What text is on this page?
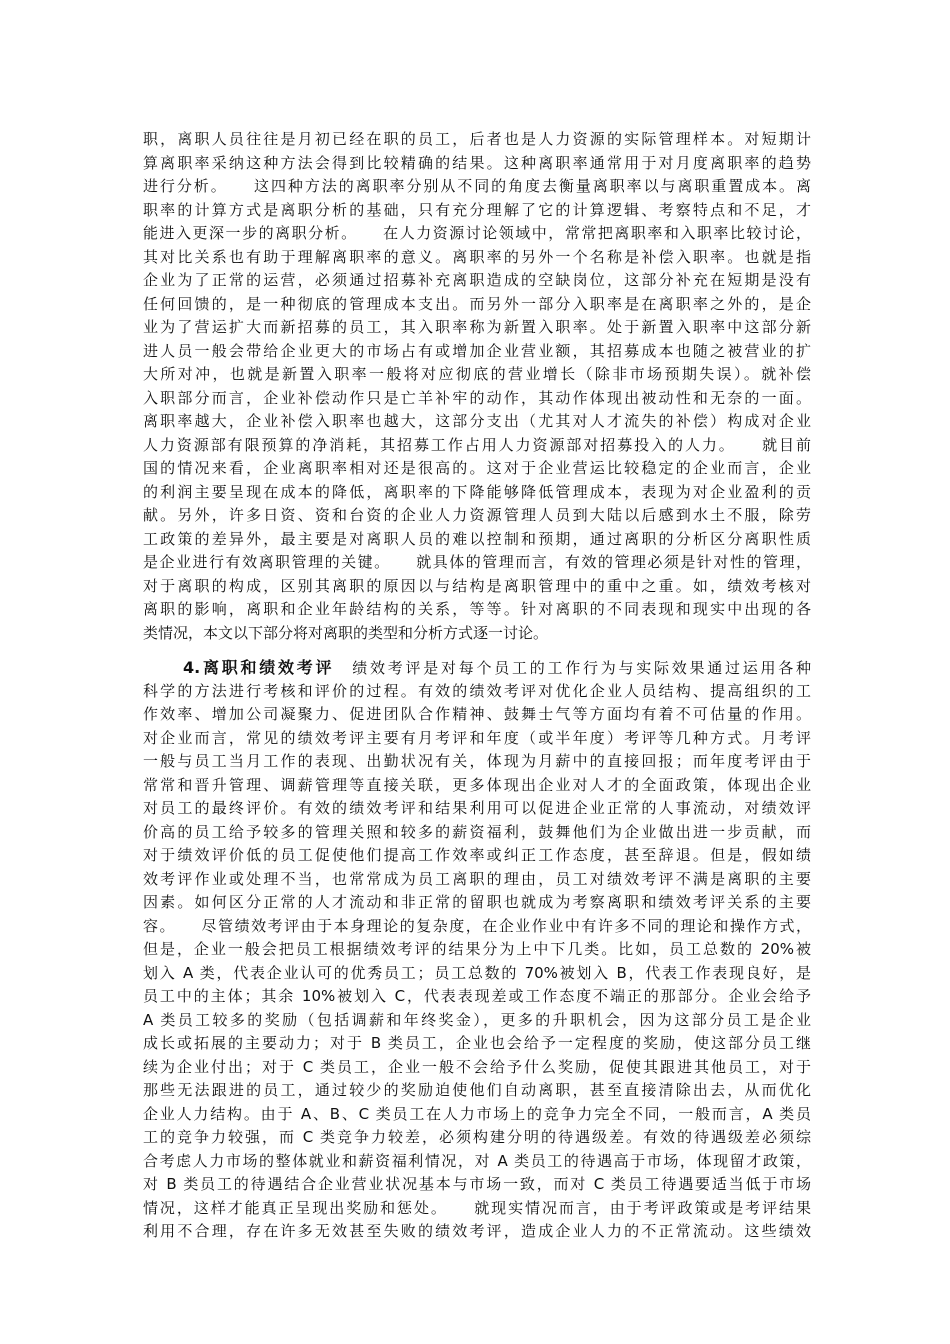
职，离职人员往往是月初已经在职的员工，后者也是人力资源的实际管理样本。对短期计
算离职率采纳这种方法会得到比较精确的结果。这种离职率通常用于对月度离职率的趋势
进行分析。　　这四种方法的离职率分别从不同的角度去衡量离职率以与离职重置成本。离
职率的计算方式是离职分析的基础，只有充分理解了它的计算逻辑、考察特点和不足，才
能进入更深一步的离职分析。　　在人力资源讨论领域中，常常把离职率和入职率比较讨论，
其对比关系也有助于理解离职率的意义。离职率的另外一个名称是补偿入职率。也就是指
企业为了正常的运营，必须通过招募补充离职造成的空缺岗位，这部分补充在短期是没有
任何回馈的，是一种彻底的管理成本支出。而另外一部分入职率是在离职率之外的，是企
业为了营运扩大而新招募的员工，其入职率称为新置入职率。处于新置入职率中这部分新
进人员一般会带给企业更大的市场占有或增加企业营业额，其招募成本也随之被营业的扩
大所对冲，也就是新置入职率一般将对应彻底的营业增长（除非市场预期失误）。就补偿
入职部分而言，企业补偿动作只是亡羊补牢的动作，其动作体现出被动性和无奈的一面。
离职率越大，企业补偿入职率也越大，这部分支出（尤其对人才流失的补偿）构成对企业
人力资源部有限预算的净消耗，其招募工作占用人力资源部对招募投入的人力。　　就目前
国的情况来看，企业离职率相对还是很高的。这对于企业营运比较稳定的企业而言，企业
的利润主要呈现在成本的降低，离职率的下降能够降低管理成本，表现为对企业盈利的贡
献。另外，许多日资、资和台资的企业人力资源管理人员到大陆以后感到水土不服，除劳
工政策的差异外，最主要是对离职人员的难以控制和预期，通过离职的分析区分离职性质
是企业进行有效离职管理的关键。　　就具体的管理而言，有效的管理必须是针对性的管理，
对于离职的构成，区别其离职的原因以与结构是离职管理中的重中之重。如，绩效考核对
离职的影响，离职和企业年龄结构的关系，等等。针对离职的不同表现和现实中出现的各
类情况，本文以下部分将对离职的类型和分析方式逐一讨论。
4.离职和绩效考评 绩效考评是对每个员工的工作行为与实际效果通过运用各种
科学的方法进行考核和评价的过程。有效的绩效考评对优化企业人员结构、提高组织的工
作效率、增加公司凝聚力、促进团队合作精神、鼓舞士气等方面均有着不可估量的作用。
对企业而言，常见的绩效考评主要有月考评和年度（或半年度）考评等几种方式。月考评
一般与员工当月工作的表现、出勤状况有关，体现为月薪中的直接回报；而年度考评由于
常常和晋升管理、调薪管理等直接关联，更多体现出企业对人才的全面政策，体现出企业
对员工的最终评价。有效的绩效考评和结果利用可以促进企业正常的人事流动，对绩效评
价高的员工给予较多的管理关照和较多的薪资福利，鼓舞他们为企业做出进一步贡献，而
对于绩效评价低的员工促使他们提高工作效率或纠正工作态度，甚至辞退。但是，假如绩
效考评作业或处理不当，也常常成为员工离职的理由，员工对绩效考评不满是离职的主要
因素。如何区分正常的人才流动和非正常的留职也就成为考察离职和绩效考评关系的主要
容。　　尽管绩效考评由于本身理论的复杂度，在企业作业中有许多不同的理论和操作方式，
但是，企业一般会把员工根据绩效考评的结果分为上中下几类。比如，员工总数的 20%被
划入 A 类，代表企业认可的优秀员工；员工总数的 70%被划入 B，代表工作表现良好，是
员工中的主体；其余 10%被划入 C，代表表现差或工作态度不端正的那部分。企业会给予
A 类员工较多的奖励（包括调薪和年终奖金），更多的升职机会，因为这部分员工是企业
成长或拓展的主要动力；对于 B 类员工，企业也会给予一定程度的奖励，使这部分员工继
续为企业付出；对于 C 类员工，企业一般不会给予什么奖励，促使其跟进其他员工，对于
那些无法跟进的员工，通过较少的奖励迫使他们自动离职，甚至直接清除出去，从而优化
企业人力结构。由于 A、B、C 类员工在人力市场上的竞争力完全不同，一般而言，A 类员
工的竞争力较强，而 C 类竞争力较差，必须构建分明的待遇级差。有效的待遇级差必须综
合考虑人力市场的整体就业和薪资福利情况，对 A 类员工的待遇高于市场，体现留才政策，
对 B 类员工的待遇结合企业营业状况基本与市场一致，而对 C 类员工待遇要适当低于市场
情况，这样才能真正呈现出奖励和惩处。　　就现实情况而言，由于考评政策或是考评结果
利用不合理，存在许多无效甚至失败的绩效考评，造成企业人力的不正常流动。这些绩效
